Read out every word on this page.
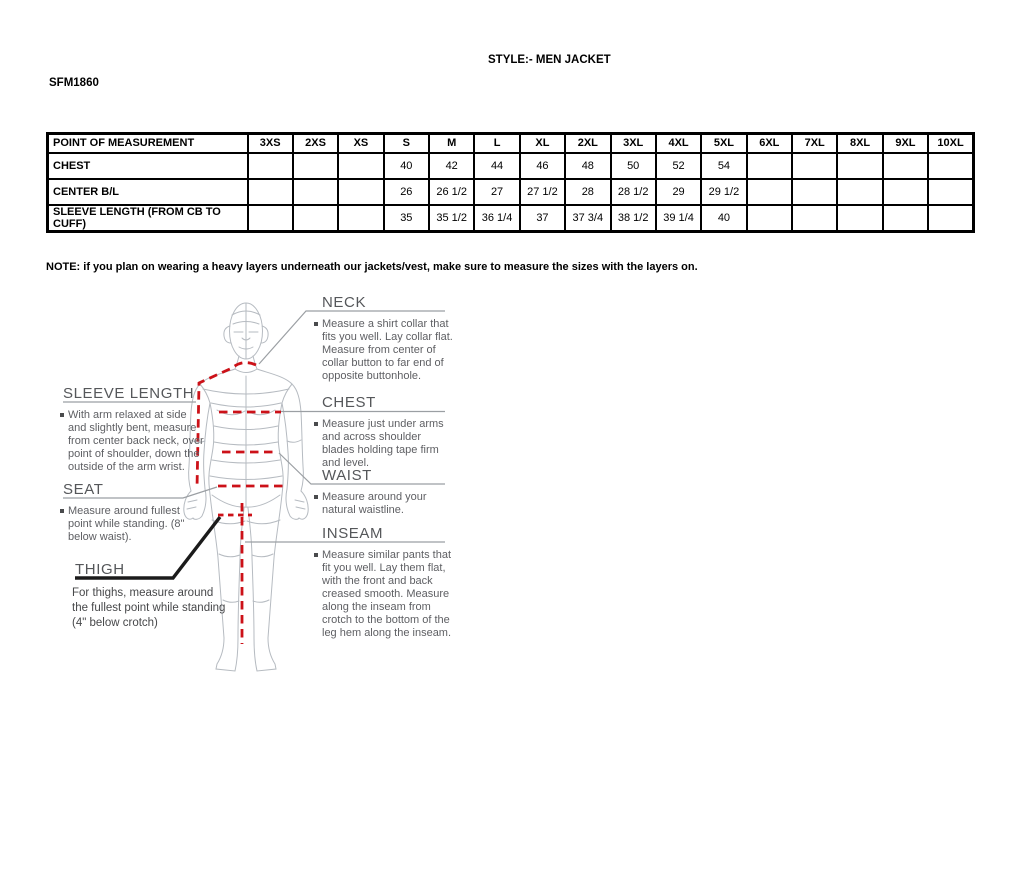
STYLE:- MEN JACKET
SFM1860
POINT OF MEASUREMENT	3XS	2XS	XS	S	M	L	XL	2XL	3XL	4XL	5XL	6XL	7XL	8XL	9XL	10XL
CHEST				40	42	44	46	48	50	52	54					
CENTER B/L				26	26 1/2	27	27 1/2	28	28 1/2	29	29 1/2					
SLEEVE LENGTH (FROM CB TO CUFF)				35	35 1/2	36 1/4	37	37 3/4	38 1/2	39 1/4	40					
NOTE: if you plan on wearing a heavy layers underneath our jackets/vest, make sure to measure the sizes with the layers on.
NECK
Measure a shirt collar that fits you well. Lay collar flat. Measure from center of collar button to far end of opposite buttonhole.
CHEST
Measure just under arms and across shoulder blades holding tape firm and level.
WAIST
Measure around your natural waistline.
INSEAM
Measure similar pants that fit you well. Lay them flat, with the front and back creased smooth. Measure along the inseam from crotch to the bottom of the leg hem along the inseam.
SLEEVE LENGTH
With arm relaxed at side and slightly bent, measure from center back neck, over point of shoulder, down the outside of the arm wrist.
SEAT
Measure around fullest point while standing. (8" below waist).
THIGH
For thighs, measure around the fullest point while standing (4" below crotch)
